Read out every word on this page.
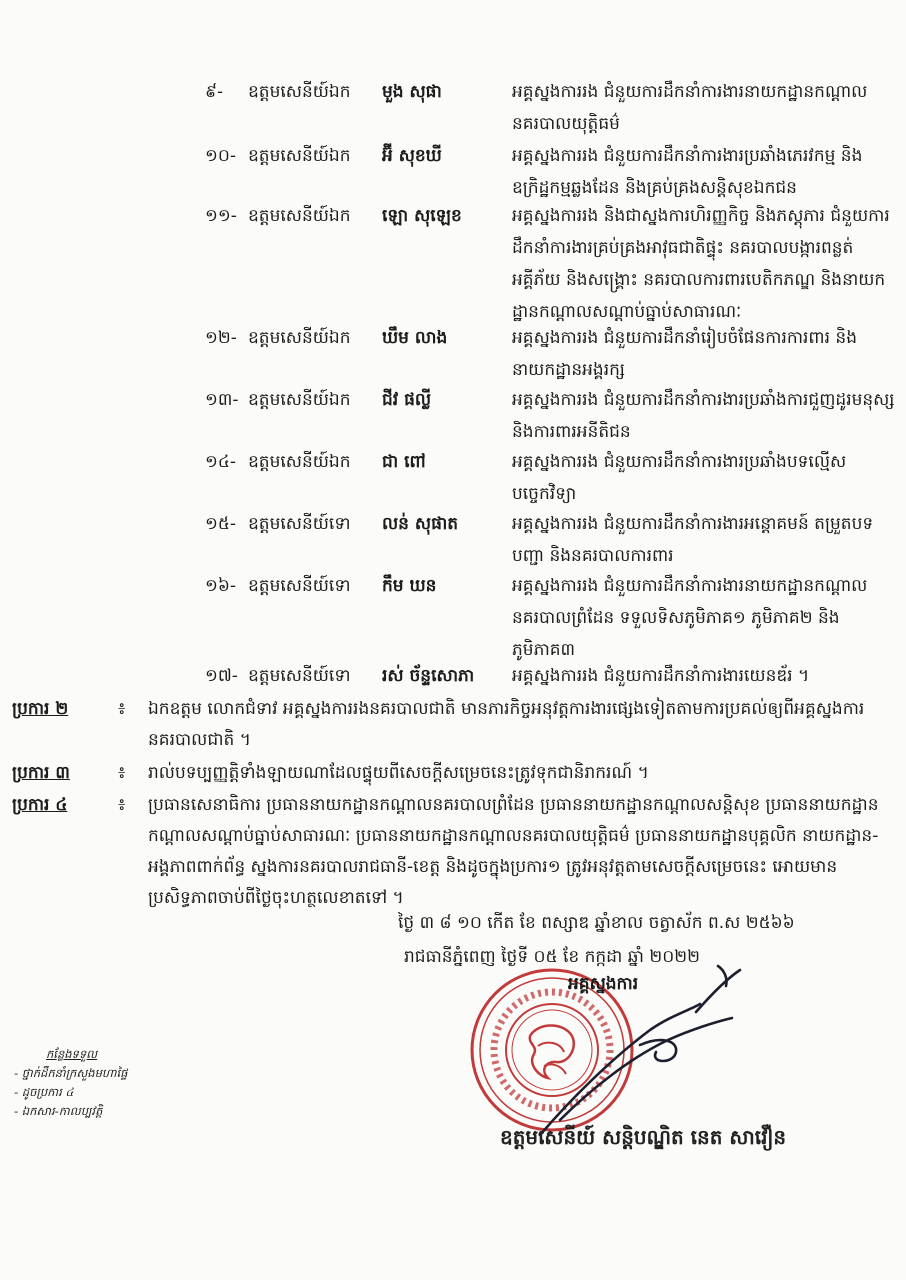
៩-	ឧត្តមសេនីយ៍ឯក	មួង សុផា	អគ្គស្នងការរង ជំនួយការដឹកនាំការងារនាយកដ្ឋានកណ្ដាលនគរបាលយុត្តិធម៌
១០- ឧត្តមសេនីយ៍ឯក	អ៊ី សុខឃី	អគ្គស្នងការរង ជំនួយការដឹកនាំការងារប្រឆាំងភេរវកម្ម និងឧក្រិដ្ឋកម្មឆ្លងដែន និងគ្រប់គ្រងសន្តិសុខឯកជន
១១- ឧត្តមសេនីយ៍ឯក	ឡោ សុឡេខ	អគ្គស្នងការរង និងជាស្នងការហិរញ្ញកិច្ច និងភស្តុភារ ជំនួយការដឹកនាំការងារគ្រប់គ្រងអាវុធជាតិផ្ទុះ នគរបាលបង្ការពន្លត់អគ្គីភ័យ និងសង្គ្រោះ នគរបាលការពារបេតិកភណ្ឌ និងនាយកដ្ឋានកណ្ដាលសណ្ដាប់ធ្នាប់សាធារណៈ
១២- ឧត្តមសេនីយ៍ឯក	ឃឹម លាង	អគ្គស្នងការរង ជំនួយការដឹកនាំរៀបចំផែនការការពារ និងនាយកដ្ឋានអង្គរក្ស
១៣- ឧត្តមសេនីយ៍ឯក	ជីវ ផល្លី	អគ្គស្នងការរង ជំនួយការដឹកនាំការងារប្រឆាំងការជួញដូរមនុស្ស និងការពារអនីតិជន
១៤- ឧត្តមសេនីយ៍ឯក	ជា ពៅ	អគ្គស្នងការរង ជំនួយការដឹកនាំការងារប្រឆាំងបទល្មើសបច្ចេកវិទ្យា
១៥- ឧត្តមសេនីយ៍ទោ	លន់ សុផាត	អគ្គស្នងការរង ជំនួយការដឹកនាំការងារអន្តោគមន៍ តម្រួតបទបញ្ជា និងនគរបាលការពារ
១៦- ឧត្តមសេនីយ៍ទោ	កឹម ឃន	អគ្គស្នងការរង ជំនួយការដឹកនាំការងារនាយកដ្ឋានកណ្ដាលនគរបាលព្រំដែន ទទួលទិសភូមិភាគ១ ភូមិភាគ២ និងភូមិភាគ៣
១៧- ឧត្តមសេនីយ៍ទោ	រស់ ច័ន្ទសោភា	អគ្គស្នងការរង ជំនួយការដឹកនាំការងារយេនឌ័រ ។
ប្រការ ២	៖ ឯកឧត្តម លោកជំទាវ អគ្គស្នងការរងនគរបាលជាតិ មានភារកិច្ចអនុវត្តការងារផ្សេងទៀតតាមការប្រគល់ឲ្យពីអគ្គស្នងការនគរបាលជាតិ ។
ប្រការ ៣	៖ រាល់បទប្បញ្ញត្តិទាំងឡាយណាដែលផ្ទុយពីសេចក្ដីសម្រេចនេះត្រូវទុកជានិរាករណ៍ ។
ប្រការ ៤	៖ ប្រធានសេនាធិការ ប្រធាននាយកដ្ឋានកណ្ដាលនគរបាលព្រំដែន ប្រធាននាយកដ្ឋានកណ្ដាលសន្តិសុខ ប្រធាននាយកដ្ឋានកណ្ដាលសណ្ដាប់ធ្នាប់សាធារណៈ ប្រធាននាយកដ្ឋានកណ្ដាលនគរបាលយុត្តិធម៌ ប្រធាននាយកដ្ឋានបុគ្គលិក នាយកដ្ឋាន-អង្គភាពពាក់ព័ន្ធ ស្នងការនគរបាលរាជធានី-ខេត្ត និងដូចក្នុងប្រការ១ ត្រូវអនុវត្តតាមសេចក្ដីសម្រេចនេះ អោយមានប្រសិទ្ធភាពចាប់ពីថ្ងៃចុះហត្ថលេខាតទៅ ។
ថ្ងៃ ៣ ៨ ១០ កើត ខែ ពស្សាឌ ឆ្នាំខាល ចត្វាស័ក ព.ស ២៥៦៦
រាជធានីភ្នំពេញ ថ្ងៃទី ០៥ ខែ កក្កដា ឆ្នាំ ២០២២
អគ្គស្នងការ
ឧត្តមសេនីយ៍ សន្តិបណ្ឌិត នេត សាវឿន
កន្លែងទទួល
- ថ្នាក់ដឹកនាំក្រសួងមហាផ្ទៃ
- ដូចប្រការ ៤
- ឯកសារ-កាលប្បវត្តិ
